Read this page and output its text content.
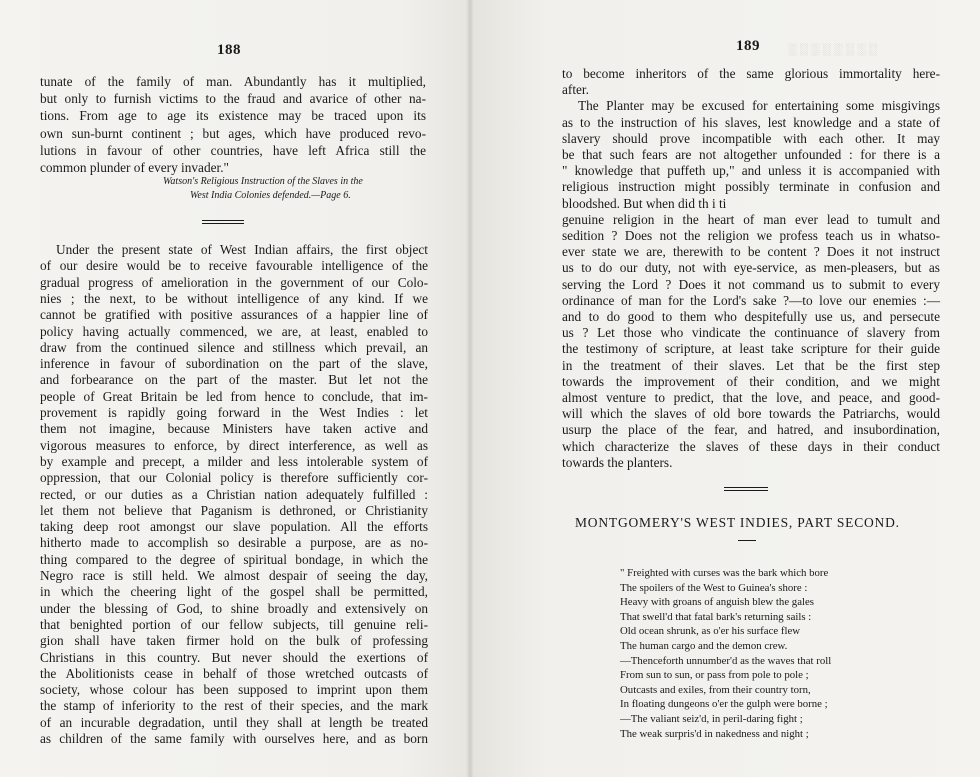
188
tunate of the family of man. Abundantly has it multiplied,
but only to furnish victims to the fraud and avarice of other na-
tions. From age to age its existence may be traced upon its
own sun-burnt continent ; but ages, which have produced revo-
lutions in favour of other countries, have left Africa still the
common plunder of every invader."
Watson's Religious Instruction of the Slaves in the
West India Colonies defended.—Page 6.
Under the present state of West Indian affairs, the first object
of our desire would be to receive favourable intelligence of the
gradual progress of amelioration in the government of our Colo-
nies ; the next, to be without intelligence of any kind. If we
cannot be gratified with positive assurances of a happier line of
policy having actually commenced, we are, at least, enabled to
draw from the continued silence and stillness which prevail, an
inference in favour of subordination on the part of the slave,
and forbearance on the part of the master. But let not the
people of Great Britain be led from hence to conclude, that im-
provement is rapidly going forward in the West Indies : let
them not imagine, because Ministers have taken active and
vigorous measures to enforce, by direct interference, as well as
by example and precept, a milder and less intolerable system of
oppression, that our Colonial policy is therefore sufficiently cor-
rected, or our duties as a Christian nation adequately fulfilled :
let them not believe that Paganism is dethroned, or Christianity
taking deep root amongst our slave population. All the efforts
hitherto made to accomplish so desirable a purpose, are as no-
thing compared to the degree of spiritual bondage, in which the
Negro race is still held. We almost despair of seeing the day,
in which the cheering light of the gospel shall be permitted,
under the blessing of God, to shine broadly and extensively on
that benighted portion of our fellow subjects, till genuine reli-
gion shall have taken firmer hold on the bulk of professing
Christians in this country. But never should the exertions of
the Abolitionists cease in behalf of those wretched outcasts of
society, whose colour has been supposed to imprint upon them
the stamp of inferiority to the rest of their species, and the mark
of an incurable degradation, until they shall at length be treated
as children of the same family with ourselves here, and as born
189 ░░░░░░░░
to become inheritors of the same glorious immortality here-
after.
The Planter may be excused for entertaining some misgivings
as to the instruction of his slaves, lest knowledge and a state of
slavery should prove incompatible with each other. It may
be that such fears are not altogether unfounded : for there is a
" knowledge that puffeth up," and unless it is accompanied with
religious instruction might possibly terminate in confusion and
bloodshed. But when did th i ti
genuine religion in the heart of man ever lead to tumult and
sedition ? Does not the religion we profess teach us in whatso-
ever state we are, therewith to be content ? Does it not instruct
us to do our duty, not with eye-service, as men-pleasers, but as
serving the Lord ? Does it not command us to submit to every
ordinance of man for the Lord's sake ?—to love our enemies :—
and to do good to them who despitefully use us, and persecute
us ? Let those who vindicate the continuance of slavery from
the testimony of scripture, at least take scripture for their guide
in the treatment of their slaves. Let that be the first step
towards the improvement of their condition, and we might
almost venture to predict, that the love, and peace, and good-
will which the slaves of old bore towards the Patriarchs, would
usurp the place of the fear, and hatred, and insubordination,
which characterize the slaves of these days in their conduct
towards the planters.
MONTGOMERY'S WEST INDIES, PART SECOND.
" Freighted with curses was the bark which bore
The spoilers of the West to Guinea's shore :
Heavy with groans of anguish blew the gales
That swell'd that fatal bark's returning sails :
Old ocean shrunk, as o'er his surface flew
The human cargo and the demon crew.
—Thenceforth unnumber'd as the waves that roll
From sun to sun, or pass from pole to pole ;
Outcasts and exiles, from their country torn,
In floating dungeons o'er the gulph were borne ;
—The valiant seiz'd, in peril-daring fight ;
The weak surpris'd in nakedness and night ;
